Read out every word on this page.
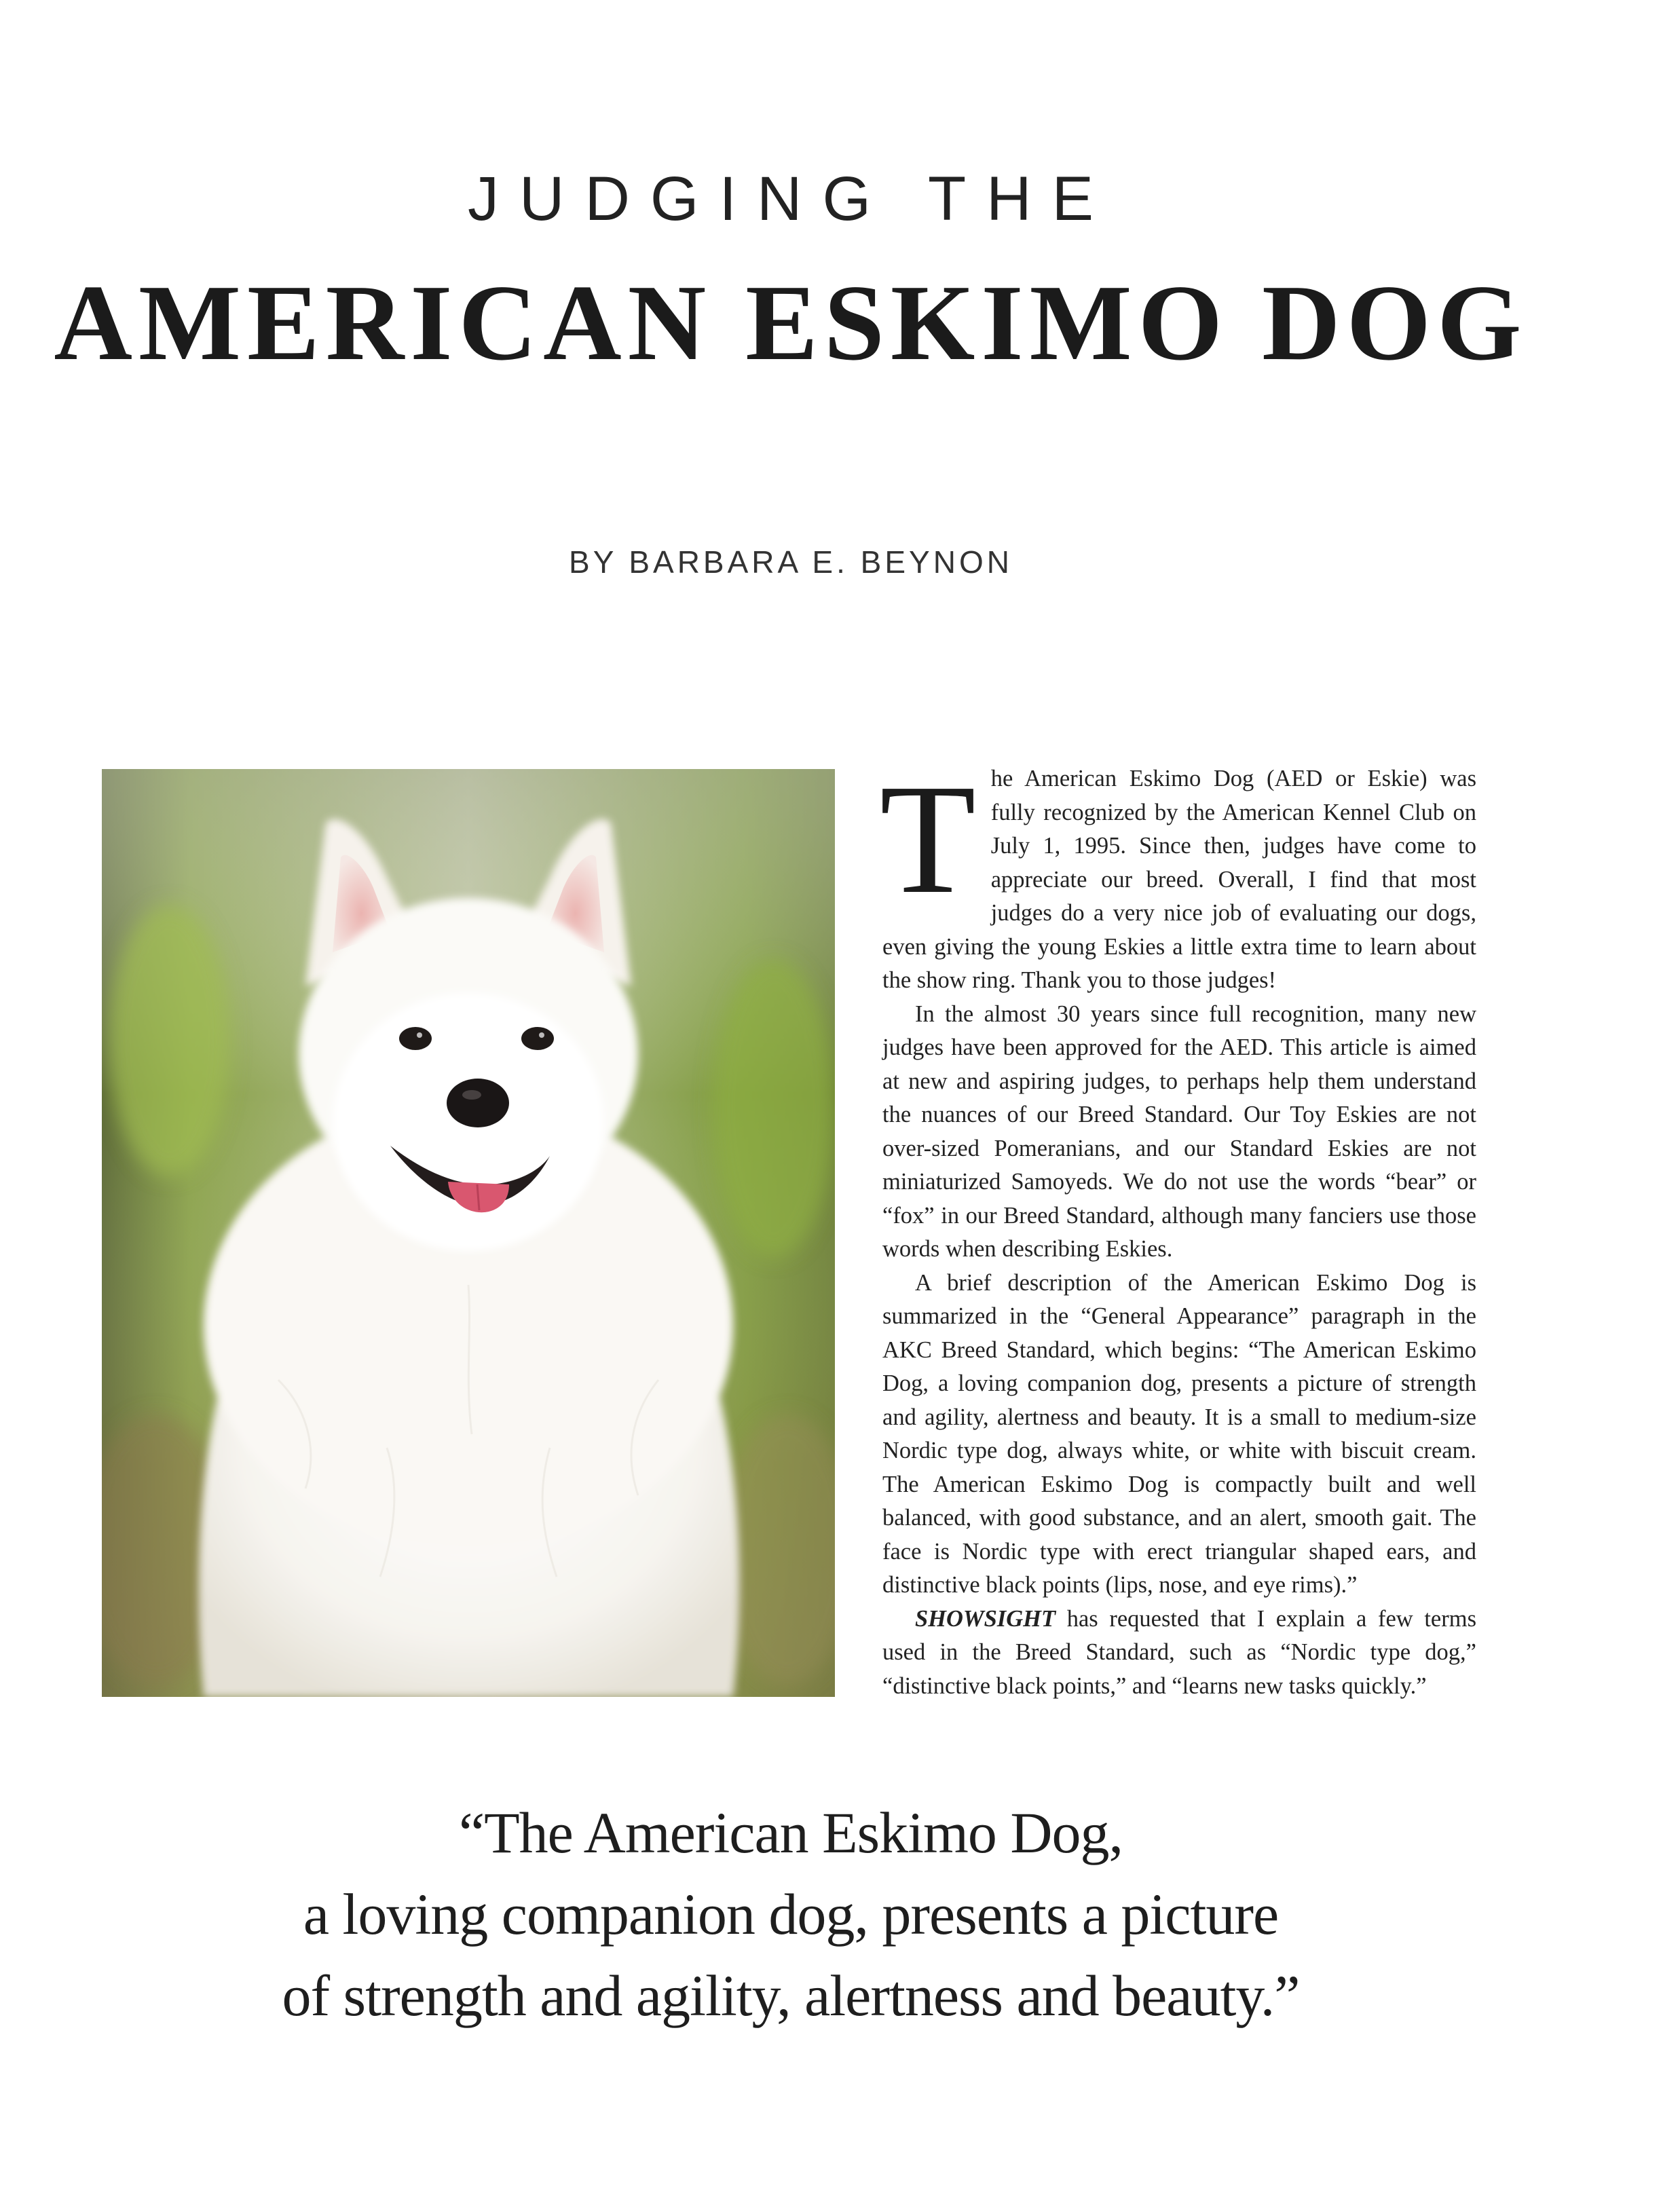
JUDGING THE
AMERICAN ESKIMO DOG
BY BARBARA E. BEYNON

The American Eskimo Dog (AED or Eskie) was fully recognized by the American Kennel Club on July 1, 1995. Since then, judges have come to appreciate our breed. Overall, I find that most judges do a very nice job of evaluating our dogs, even giving the young Eskies a little extra time to learn about the show ring. Thank you to those judges!

In the almost 30 years since full recognition, many new judges have been approved for the AED. This article is aimed at new and aspiring judges, to perhaps help them understand the nuances of our Breed Standard. Our Toy Eskies are not over-sized Pomeranians, and our Standard Eskies are not miniaturized Samoyeds. We do not use the words “bear” or “fox” in our Breed Standard, although many fanciers use those words when describing Eskies.

A brief description of the American Eskimo Dog is summarized in the “General Appearance” paragraph in the AKC Breed Standard, which begins: “The American Eskimo Dog, a loving companion dog, presents a picture of strength and agility, alertness and beauty. It is a small to medium-size Nordic type dog, always white, or white with biscuit cream. The American Eskimo Dog is compactly built and well balanced, with good substance, and an alert, smooth gait. The face is Nordic type with erect triangular shaped ears, and distinctive black points (lips, nose, and eye rims).”

SHOWSIGHT has requested that I explain a few terms used in the Breed Standard, such as “Nordic type dog,” “distinctive black points,” and “learns new tasks quickly.”

“The American Eskimo Dog,
a loving companion dog, presents a picture
of strength and agility, alertness and beauty.”
